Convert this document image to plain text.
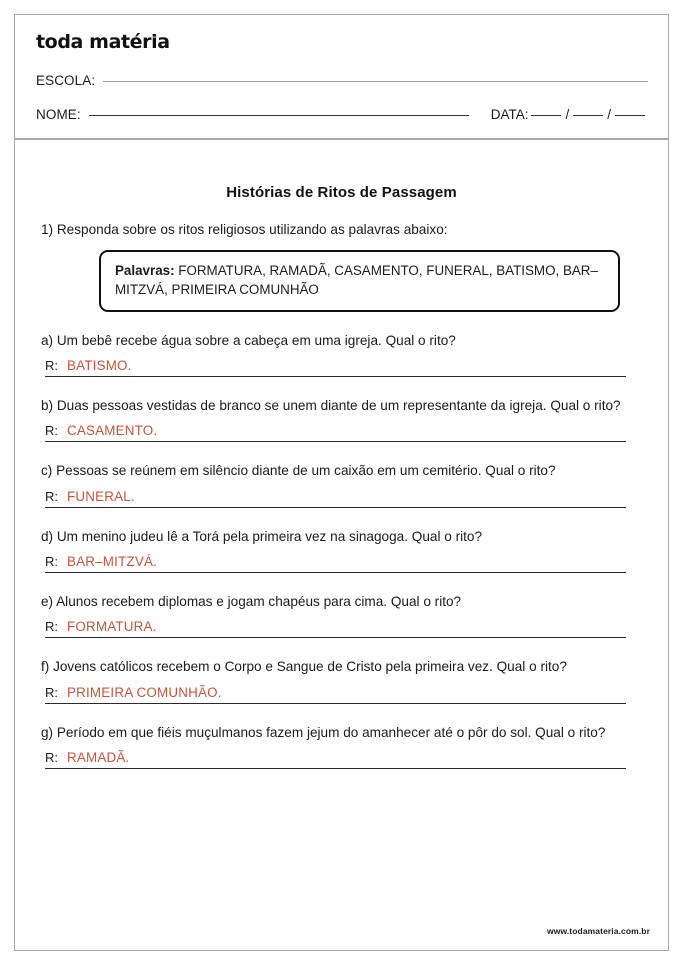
toda matéria
ESCOLA:
NOME:	DATA:	/	/
Histórias de Ritos de Passagem
1) Responda sobre os ritos religiosos utilizando as palavras abaixo:
Palavras: FORMATURA, RAMADÃ, CASAMENTO, FUNERAL, BATISMO, BAR–MITZVÁ, PRIMEIRA COMUNHÃO
a) Um bebê recebe água sobre a cabeça em uma igreja. Qual o rito?
R: BATISMO.
b) Duas pessoas vestidas de branco se unem diante de um representante da igreja. Qual o rito?
R: CASAMENTO.
c) Pessoas se reúnem em silêncio diante de um caixão em um cemitério. Qual o rito?
R: FUNERAL.
d) Um menino judeu lê a Torá pela primeira vez na sinagoga. Qual o rito?
R: BAR–MITZVÁ.
e) Alunos recebem diplomas e jogam chapéus para cima. Qual o rito?
R: FORMATURA.
f) Jovens católicos recebem o Corpo e Sangue de Cristo pela primeira vez. Qual o rito?
R: PRIMEIRA COMUNHÃO.
g) Período em que fiéis muçulmanos fazem jejum do amanhecer até o pôr do sol. Qual o rito?
R: RAMADÃ.
www.todamateria.com.br
